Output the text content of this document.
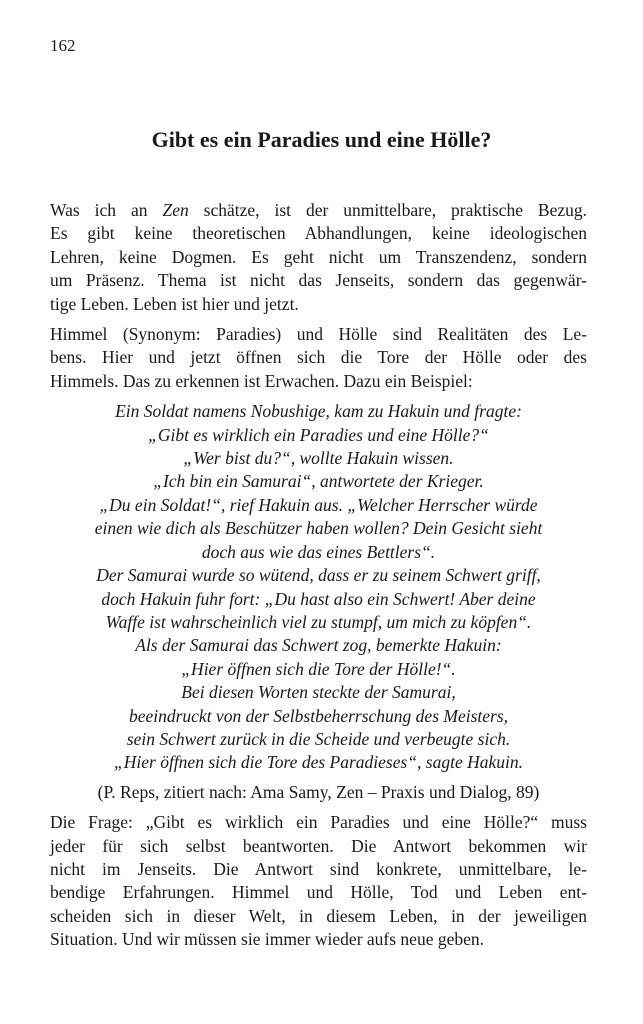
162
Gibt es ein Paradies und eine Hölle?

Was ich an Zen schätze, ist der unmittelbare, praktische Bezug.
Es gibt keine theoretischen Abhandlungen, keine ideologischen
Lehren, keine Dogmen. Es geht nicht um Transzendenz, sondern
um Präsenz. Thema ist nicht das Jenseits, sondern das gegenwär-
tige Leben. Leben ist hier und jetzt.

Himmel (Synonym: Paradies) und Hölle sind Realitäten des Le-
bens. Hier und jetzt öffnen sich die Tore der Hölle oder des
Himmels. Das zu erkennen ist Erwachen. Dazu ein Beispiel:

Ein Soldat namens Nobushige, kam zu Hakuin und fragte:
„Gibt es wirklich ein Paradies und eine Hölle?“
„Wer bist du?“, wollte Hakuin wissen.
„Ich bin ein Samurai“, antwortete der Krieger.
„Du ein Soldat!“, rief Hakuin aus. „Welcher Herrscher würde
einen wie dich als Beschützer haben wollen? Dein Gesicht sieht
doch aus wie das eines Bettlers“.
Der Samurai wurde so wütend, dass er zu seinem Schwert griff,
doch Hakuin fuhr fort: „Du hast also ein Schwert! Aber deine
Waffe ist wahrscheinlich viel zu stumpf, um mich zu köpfen“.
Als der Samurai das Schwert zog, bemerkte Hakuin:
„Hier öffnen sich die Tore der Hölle!“.
Bei diesen Worten steckte der Samurai,
beeindruckt von der Selbstbeherrschung des Meisters,
sein Schwert zurück in die Scheide und verbeugte sich.
„Hier öffnen sich die Tore des Paradieses“, sagte Hakuin.
(P. Reps, zitiert nach: Ama Samy, Zen – Praxis und Dialog, 89)

Die Frage: „Gibt es wirklich ein Paradies und eine Hölle?“ muss
jeder für sich selbst beantworten. Die Antwort bekommen wir
nicht im Jenseits. Die Antwort sind konkrete, unmittelbare, le-
bendige Erfahrungen. Himmel und Hölle, Tod und Leben ent-
scheiden sich in dieser Welt, in diesem Leben, in der jeweiligen
Situation. Und wir müssen sie immer wieder aufs neue geben.
